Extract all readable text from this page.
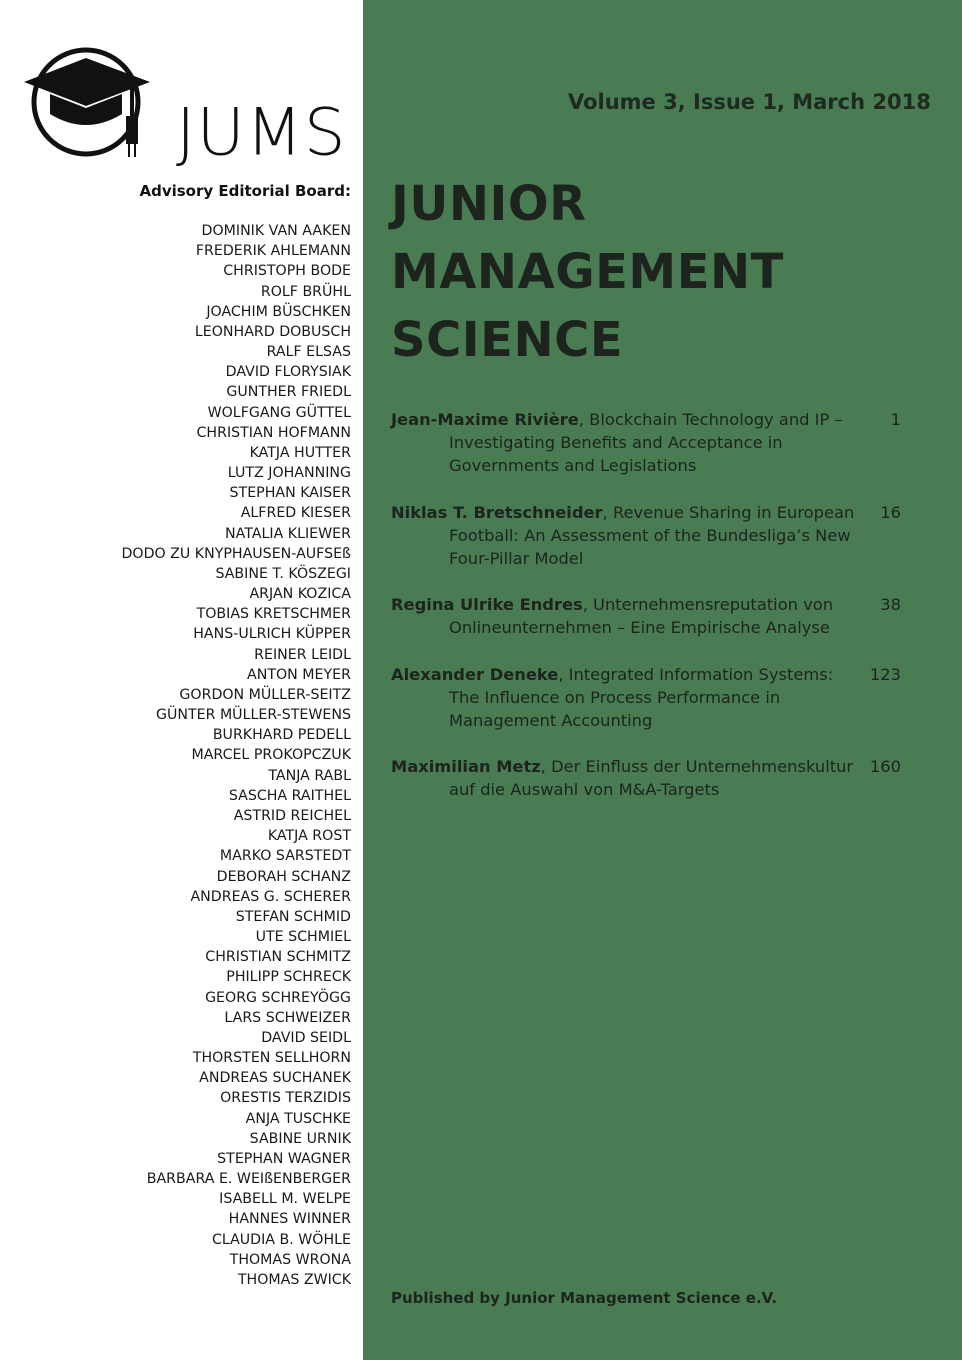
JUMS
Advisory Editorial Board:
DOMINIK VAN AAKEN
FREDERIK AHLEMANN
CHRISTOPH BODE
ROLF BRÜHL
JOACHIM BÜSCHKEN
LEONHARD DOBUSCH
RALF ELSAS
DAVID FLORYSIAK
GUNTHER FRIEDL
WOLFGANG GÜTTEL
CHRISTIAN HOFMANN
KATJA HUTTER
LUTZ JOHANNING
STEPHAN KAISER
ALFRED KIESER
NATALIA KLIEWER
DODO ZU KNYPHAUSEN-AUFSEß
SABINE T. KÖSZEGI
ARJAN KOZICA
TOBIAS KRETSCHMER
HANS-ULRICH KÜPPER
REINER LEIDL
ANTON MEYER
GORDON MÜLLER-SEITZ
GÜNTER MÜLLER-STEWENS
BURKHARD PEDELL
MARCEL PROKOPCZUK
TANJA RABL
SASCHA RAITHEL
ASTRID REICHEL
KATJA ROST
MARKO SARSTEDT
DEBORAH SCHANZ
ANDREAS G. SCHERER
STEFAN SCHMID
UTE SCHMIEL
CHRISTIAN SCHMITZ
PHILIPP SCHRECK
GEORG SCHREYÖGG
LARS SCHWEIZER
DAVID SEIDL
THORSTEN SELLHORN
ANDREAS SUCHANEK
ORESTIS TERZIDIS
ANJA TUSCHKE
SABINE URNIK
STEPHAN WAGNER
BARBARA E. WEIßENBERGER
ISABELL M. WELPE
HANNES WINNER
CLAUDIA B. WÖHLE
THOMAS WRONA
THOMAS ZWICK
Volume 3, Issue 1, March 2018
JUNIOR
MANAGEMENT
SCIENCE
Jean-Maxime Rivière, Blockchain Technology and IP –
Investigating Benefits and Acceptance in
Governments and Legislations
1
Niklas T. Bretschneider, Revenue Sharing in European
Football: An Assessment of the Bundesliga’s New
Four-Pillar Model
16
Regina Ulrike Endres, Unternehmensreputation von
Onlineunternehmen – Eine Empirische Analyse
38
Alexander Deneke, Integrated Information Systems:
The Influence on Process Performance in
Management Accounting
123
Maximilian Metz, Der Einfluss der Unternehmenskultur
auf die Auswahl von M&A-Targets
160
Published by Junior Management Science e.V.
